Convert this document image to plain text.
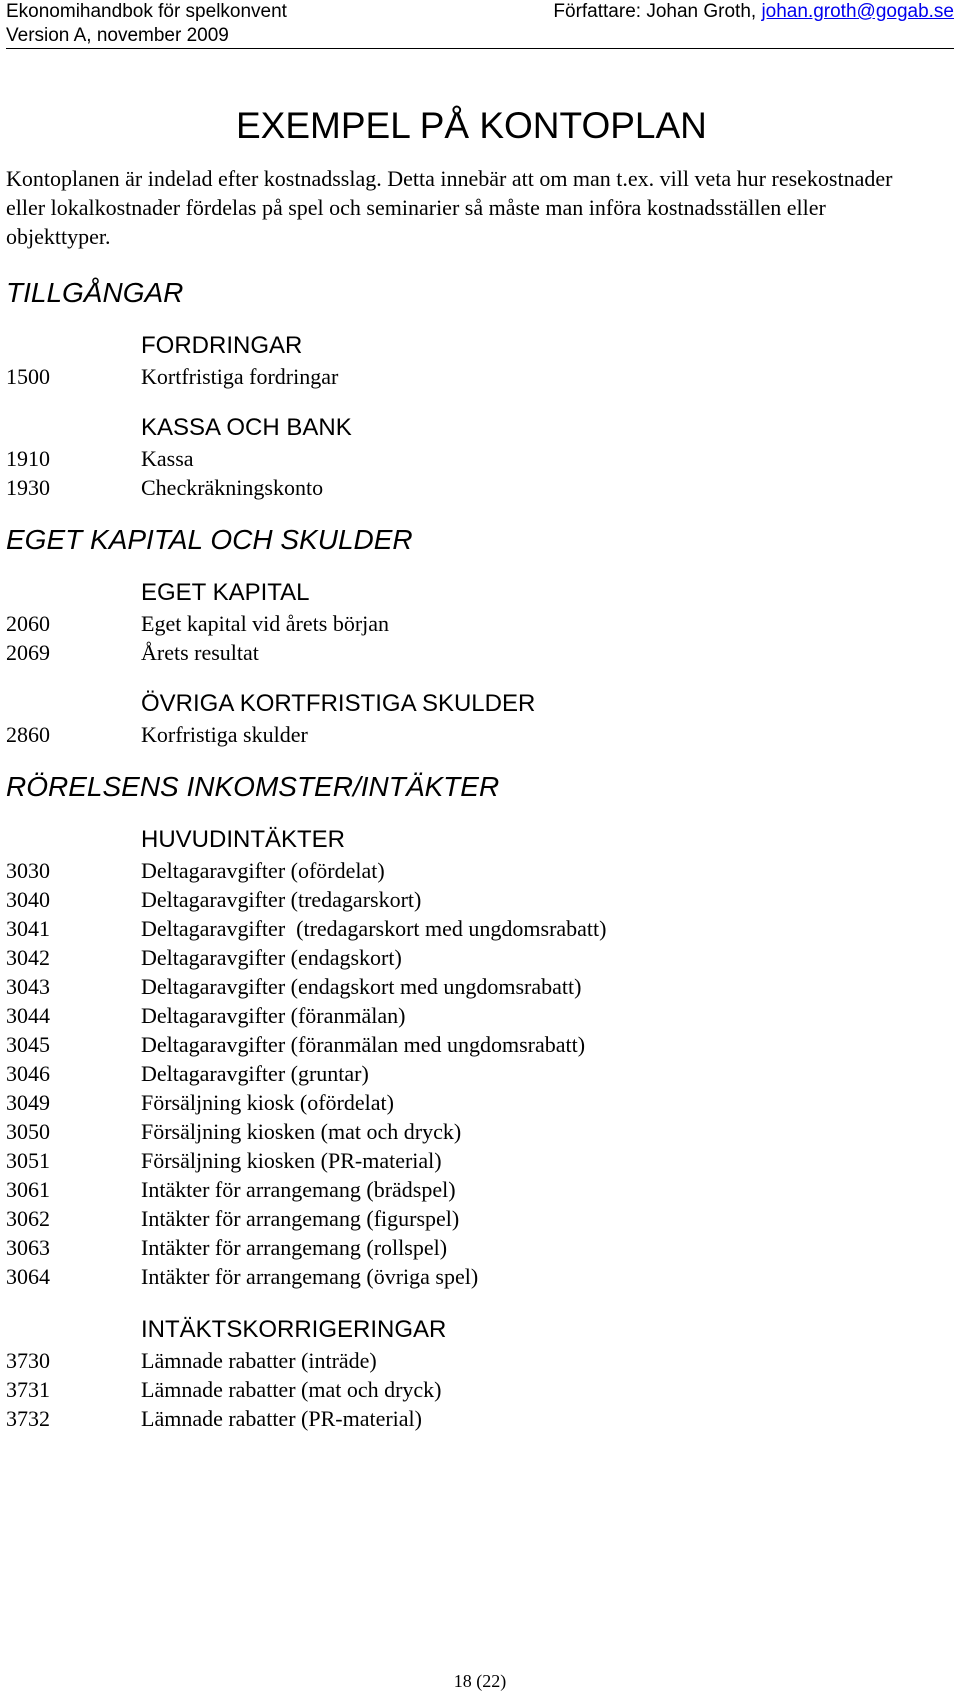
Ekonomihandbok för spelkonvent
Version A, november 2009
Författare: Johan Groth, johan.groth@gogab.se
EXEMPEL PÅ KONTOPLAN

Kontoplanen är indelad efter kostnadsslag. Detta innebär att om man t.ex. vill veta hur resekostnader eller lokalkostnader fördelas på spel och seminarier så måste man införa kostnadsställen eller objekttyper.

TILLGÅNGAR
FORDRINGAR
1500	Kortfristiga fordringar
KASSA OCH BANK
1910	Kassa
1930	Checkräkningskonto
EGET KAPITAL OCH SKULDER
EGET KAPITAL
2060	Eget kapital vid årets början
2069	Årets resultat
ÖVRIGA KORTFRISTIGA SKULDER
2860	Korfristiga skulder
RÖRELSENS INKOMSTER/INTÄKTER
HUVUDINTÄKTER
3030	Deltagaravgifter (ofördelat)
3040	Deltagaravgifter (tredagarskort)
3041	Deltagaravgifter  (tredagarskort med ungdomsrabatt)
3042	Deltagaravgifter (endagskort)
3043	Deltagaravgifter (endagskort med ungdomsrabatt)
3044	Deltagaravgifter (föranmälan)
3045	Deltagaravgifter (föranmälan med ungdomsrabatt)
3046	Deltagaravgifter (gruntar)
3049	Försäljning kiosk (ofördelat)
3050	Försäljning kiosken (mat och dryck)
3051	Försäljning kiosken (PR-material)
3061	Intäkter för arrangemang (brädspel)
3062	Intäkter för arrangemang (figurspel)
3063	Intäkter för arrangemang (rollspel)
3064	Intäkter för arrangemang (övriga spel)
INTÄKTSKORRIGERINGAR
3730	Lämnade rabatter (inträde)
3731	Lämnade rabatter (mat och dryck)
3732	Lämnade rabatter (PR-material)
18 (22)
